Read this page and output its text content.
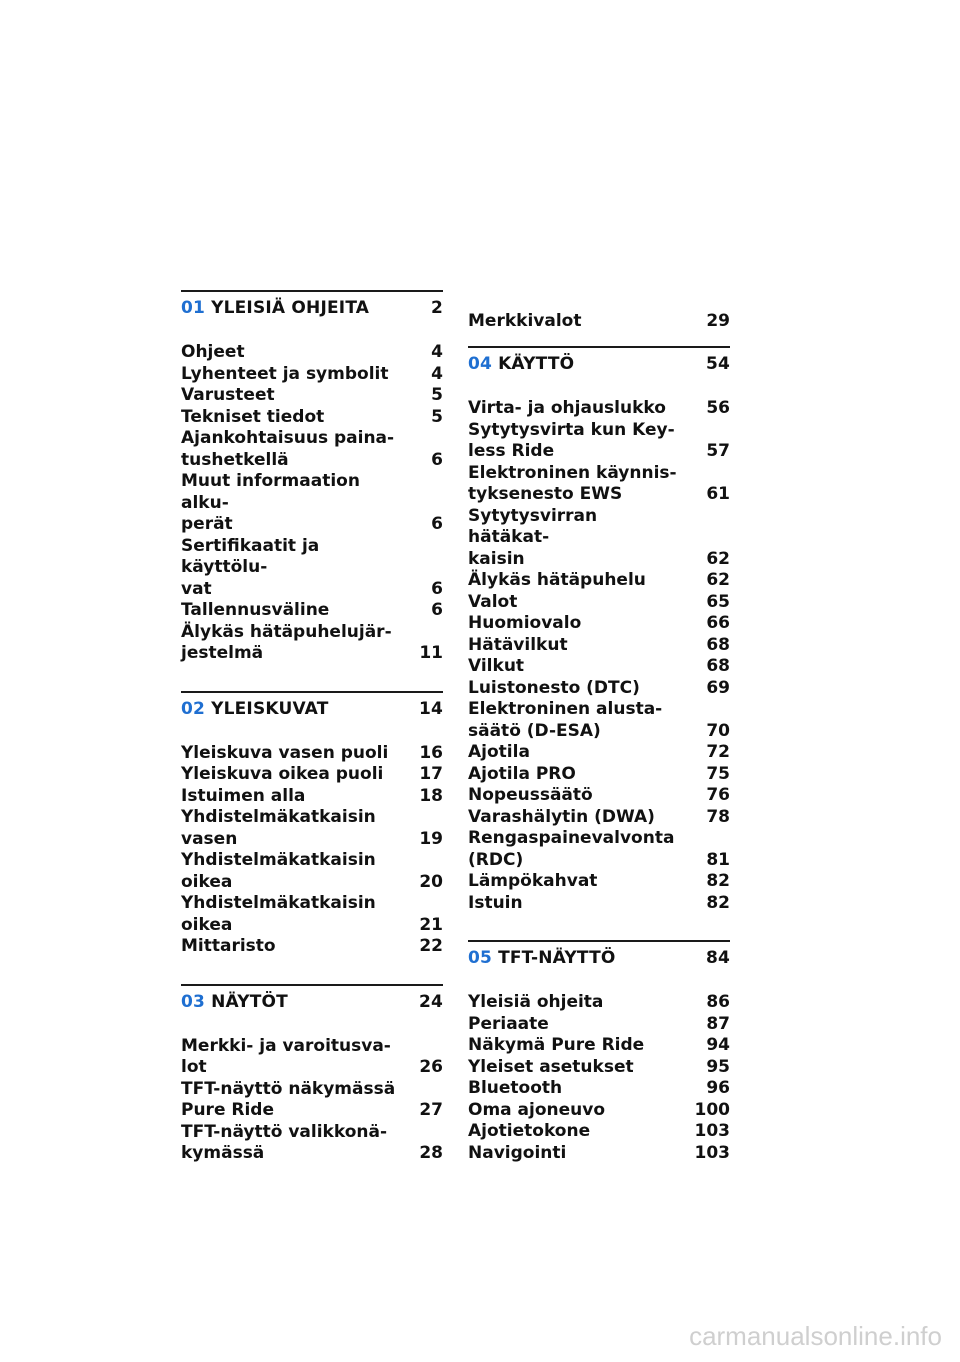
01 YLEISIÄ OHJEITA	2
Ohjeet	4
Lyhenteet ja symbolit	4
Varusteet	5
Tekniset tiedot	5
Ajankohtaisuus paina-
tushetkellä	6
Muut informaation alku-
perät	6
Sertifikaatit ja käyttölu-
vat	6
Tallennusväline	6
Älykäs hätäpuhelujär-
jestelmä	11
02 YLEISKUVAT	14
Yleiskuva vasen puoli	16
Yleiskuva oikea puoli	17
Istuimen alla	18
Yhdistelmäkatkaisin
vasen	19
Yhdistelmäkatkaisin
oikea	20
Yhdistelmäkatkaisin
oikea	21
Mittaristo	22
03 NÄYTÖT	24
Merkki- ja varoitusva-
lot	26
TFT-näyttö näkymässä
Pure Ride	27
TFT-näyttö valikkonä-
kymässä	28
Merkkivalot	29
04 KÄYTTÖ	54
Virta- ja ohjauslukko	56
Sytytysvirta kun Key-
less Ride	57
Elektroninen käynnis-
tyksenesto EWS	61
Sytytysvirran hätäkat-
kaisin	62
Älykäs hätäpuhelu	62
Valot	65
Huomiovalo	66
Hätävilkut	68
Vilkut	68
Luistonesto (DTC)	69
Elektroninen alusta-
säätö (D-ESA)	70
Ajotila	72
Ajotila PRO	75
Nopeussäätö	76
Varashälytin (DWA)	78
Rengaspainevalvonta
(RDC)	81
Lämpökahvat	82
Istuin	82
05 TFT-NÄYTTÖ	84
Yleisiä ohjeita	86
Periaate	87
Näkymä Pure Ride	94
Yleiset asetukset	95
Bluetooth	96
Oma ajoneuvo	100
Ajotietokone	103
Navigointi	103
carmanualsonline.info
